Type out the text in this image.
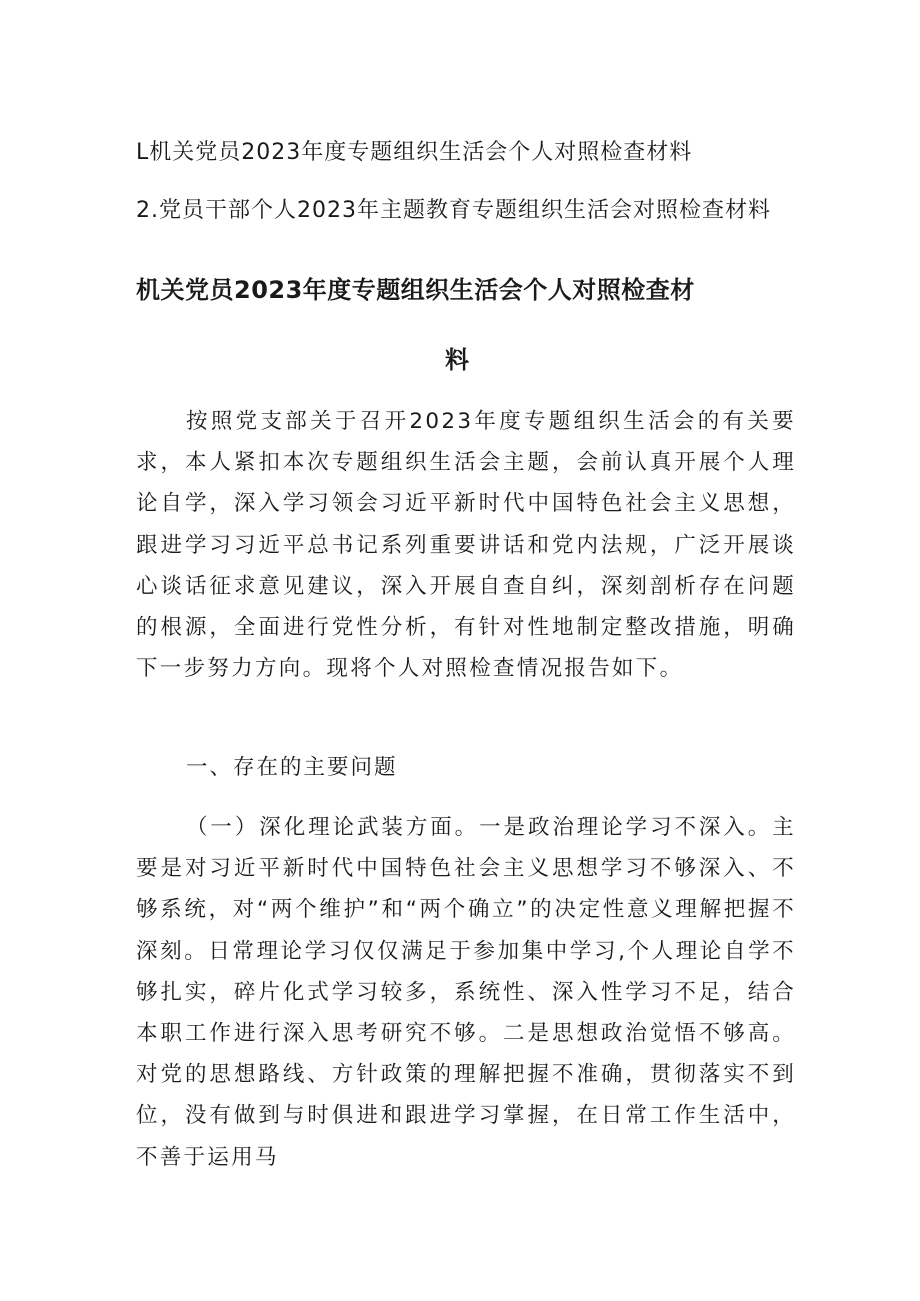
L机关党员2023年度专题组织生活会个人对照检查材料
2.党员干部个人2023年主题教育专题组织生活会对照检查材料
机关党员2023年度专题组织生活会个人对照检查材
料
按照党支部关于召开2023年度专题组织生活会的有关要求，本人紧扣本次专题组织生活会主题，会前认真开展个人理论自学，深入学习领会习近平新时代中国特色社会主义思想，跟进学习习近平总书记系列重要讲话和党内法规，广泛开展谈心谈话征求意见建议，深入开展自查自纠，深刻剖析存在问题的根源，全面进行党性分析，有针对性地制定整改措施，明确下一步努力方向。现将个人对照检查情况报告如下。
一、存在的主要问题
（一）深化理论武装方面。一是政治理论学习不深入。主要是对习近平新时代中国特色社会主义思想学习不够深入、不够系统，对“两个维护”和“两个确立”的决定性意义理解把握不深刻。日常理论学习仅仅满足于参加集中学习,个人理论自学不够扎实，碎片化式学习较多，系统性、深入性学习不足，结合本职工作进行深入思考研究不够。二是思想政治觉悟不够高。对党的思想路线、方针政策的理解把握不准确，贯彻落实不到位，没有做到与时俱进和跟进学习掌握，在日常工作生活中，不善于运用马
